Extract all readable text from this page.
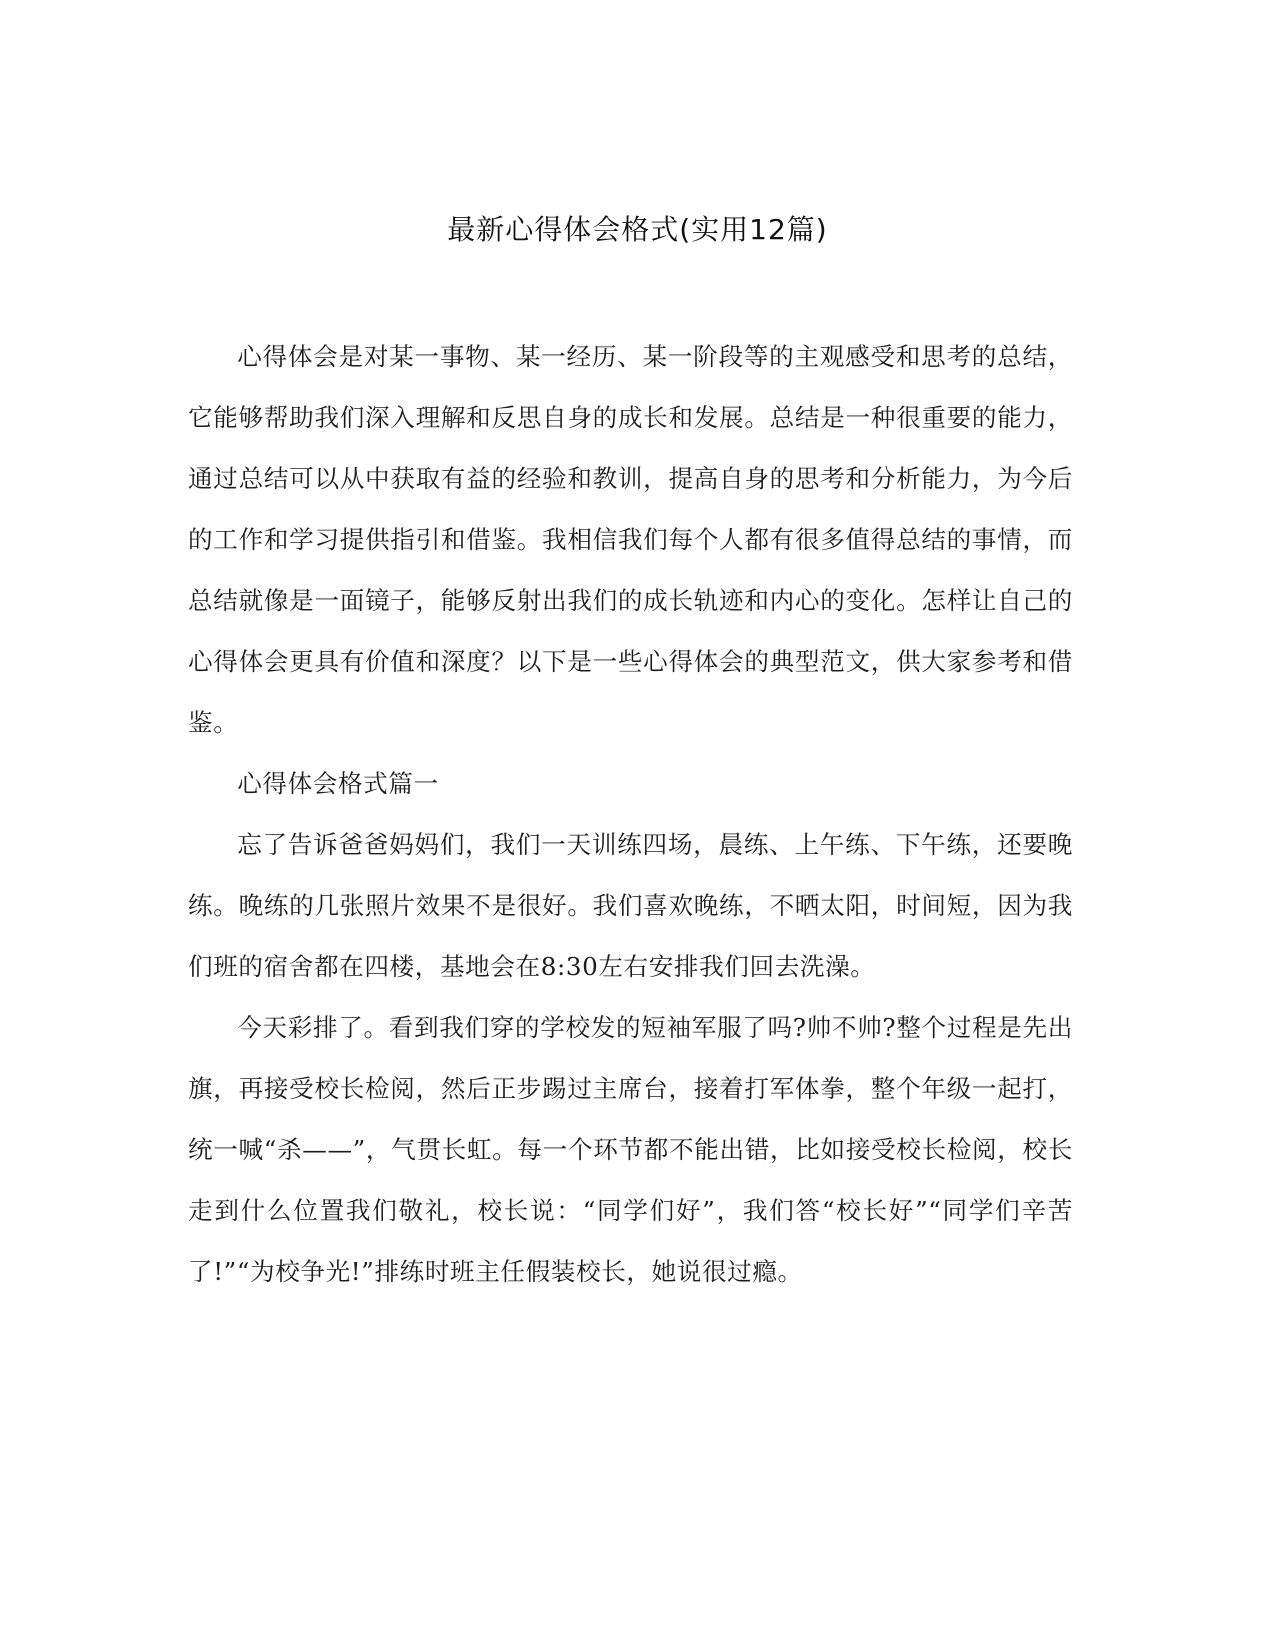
最新心得体会格式(实用12篇)

心得体会是对某一事物、某一经历、某一阶段等的主观感受和思考的总结，它能够帮助我们深入理解和反思自身的成长和发展。总结是一种很重要的能力，通过总结可以从中获取有益的经验和教训，提高自身的思考和分析能力，为今后的工作和学习提供指引和借鉴。我相信我们每个人都有很多值得总结的事情，而总结就像是一面镜子，能够反射出我们的成长轨迹和内心的变化。怎样让自己的心得体会更具有价值和深度？以下是一些心得体会的典型范文，供大家参考和借鉴。

心得体会格式篇一

忘了告诉爸爸妈妈们，我们一天训练四场，晨练、上午练、下午练，还要晚练。晚练的几张照片效果不是很好。我们喜欢晚练，不晒太阳，时间短，因为我们班的宿舍都在四楼，基地会在8:30左右安排我们回去洗澡。

今天彩排了。看到我们穿的学校发的短袖军服了吗?帅不帅?整个过程是先出旗，再接受校长检阅，然后正步踢过主席台，接着打军体拳，整个年级一起打，统一喊“杀——”，气贯长虹。每一个环节都不能出错，比如接受校长检阅，校长走到什么位置我们敬礼，校长说：“同学们好”，我们答“校长好”“同学们辛苦了!”“为校争光!”排练时班主任假装校长，她说很过瘾。
